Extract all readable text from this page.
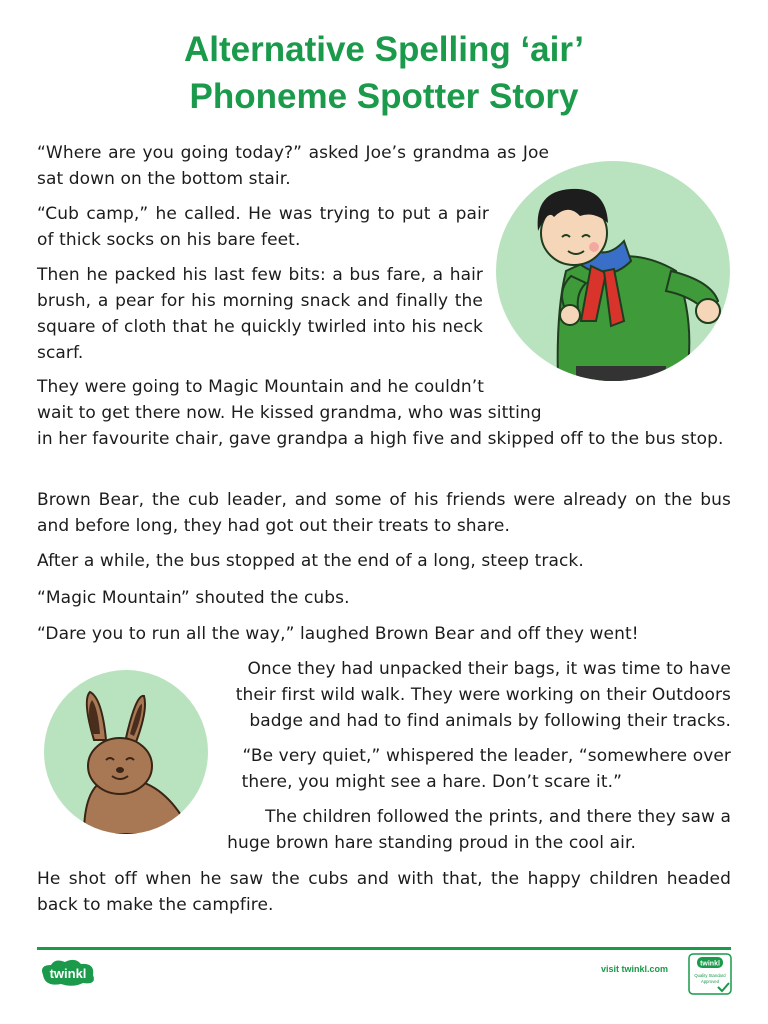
Alternative Spelling ‘air’
Phoneme Spotter Story

“Where are you going today?” asked Joe’s grandma as Joe sat down on the bottom stair.

“Cub camp,” he called. He was trying to put a pair of thick socks on his bare feet.

Then he packed his last few bits: a bus fare, a hair brush, a pear for his morning snack and finally the square of cloth that he quickly twirled into his neck scarf.

They were going to Magic Mountain and he couldn’t

wait to get there now. He kissed grandma, who was sitting

in her favourite chair, gave grandpa a high five and skipped off to the bus stop.

Brown Bear, the cub leader, and some of his friends were already on the bus and before long, they had got out their treats to share.

After a while, the bus stopped at the end of a long, steep track.

“Magic Mountain” shouted the cubs.

“Dare you to run all the way,” laughed Brown Bear and off they went!

Once they had unpacked their bags, it was time to have

their first wild walk. They were working on their Outdoors

badge and had to find animals by following their tracks.

“Be very quiet,” whispered the leader, “somewhere over

there, you might see a hare. Don’t scare it.”

The children followed the prints, and there they saw a

huge brown hare standing proud in the cool air.

He shot off when he saw the cubs and with that, the happy children headed back to make the campfire.

twinkl	visit twinkl.com	twinkl
Quality Standard
Approved
